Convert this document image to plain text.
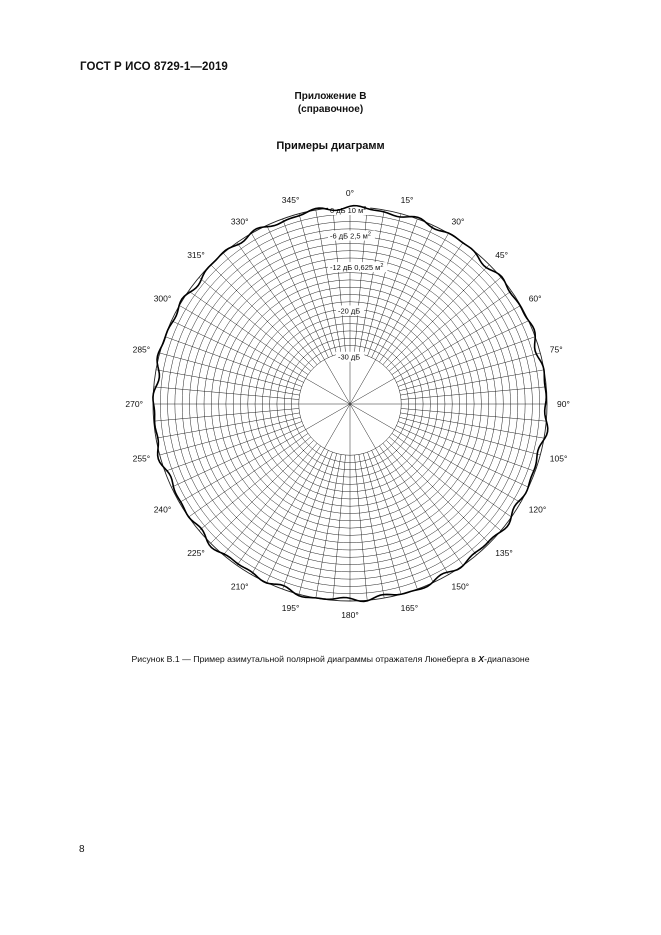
ГОСТ Р ИСО 8729-1—2019
Приложение В
(справочное)
Примеры диаграмм
0°
15°
30°
45°
60°
75°
90°
105°
120°
135°
150°
165°
180°
195°
210°
225°
240°
255°
270°
285°
300°
315°
330°
345°
0 дБ 10 $м^2$
-6 дБ 2,5 $м^2$
-12 дБ 0,625 $м^2$
-20 дБ
-30 дБ
Рисунок В.1 — Пример азимутальной полярной диаграммы отражателя Люнеберга в X-диапазоне
8
